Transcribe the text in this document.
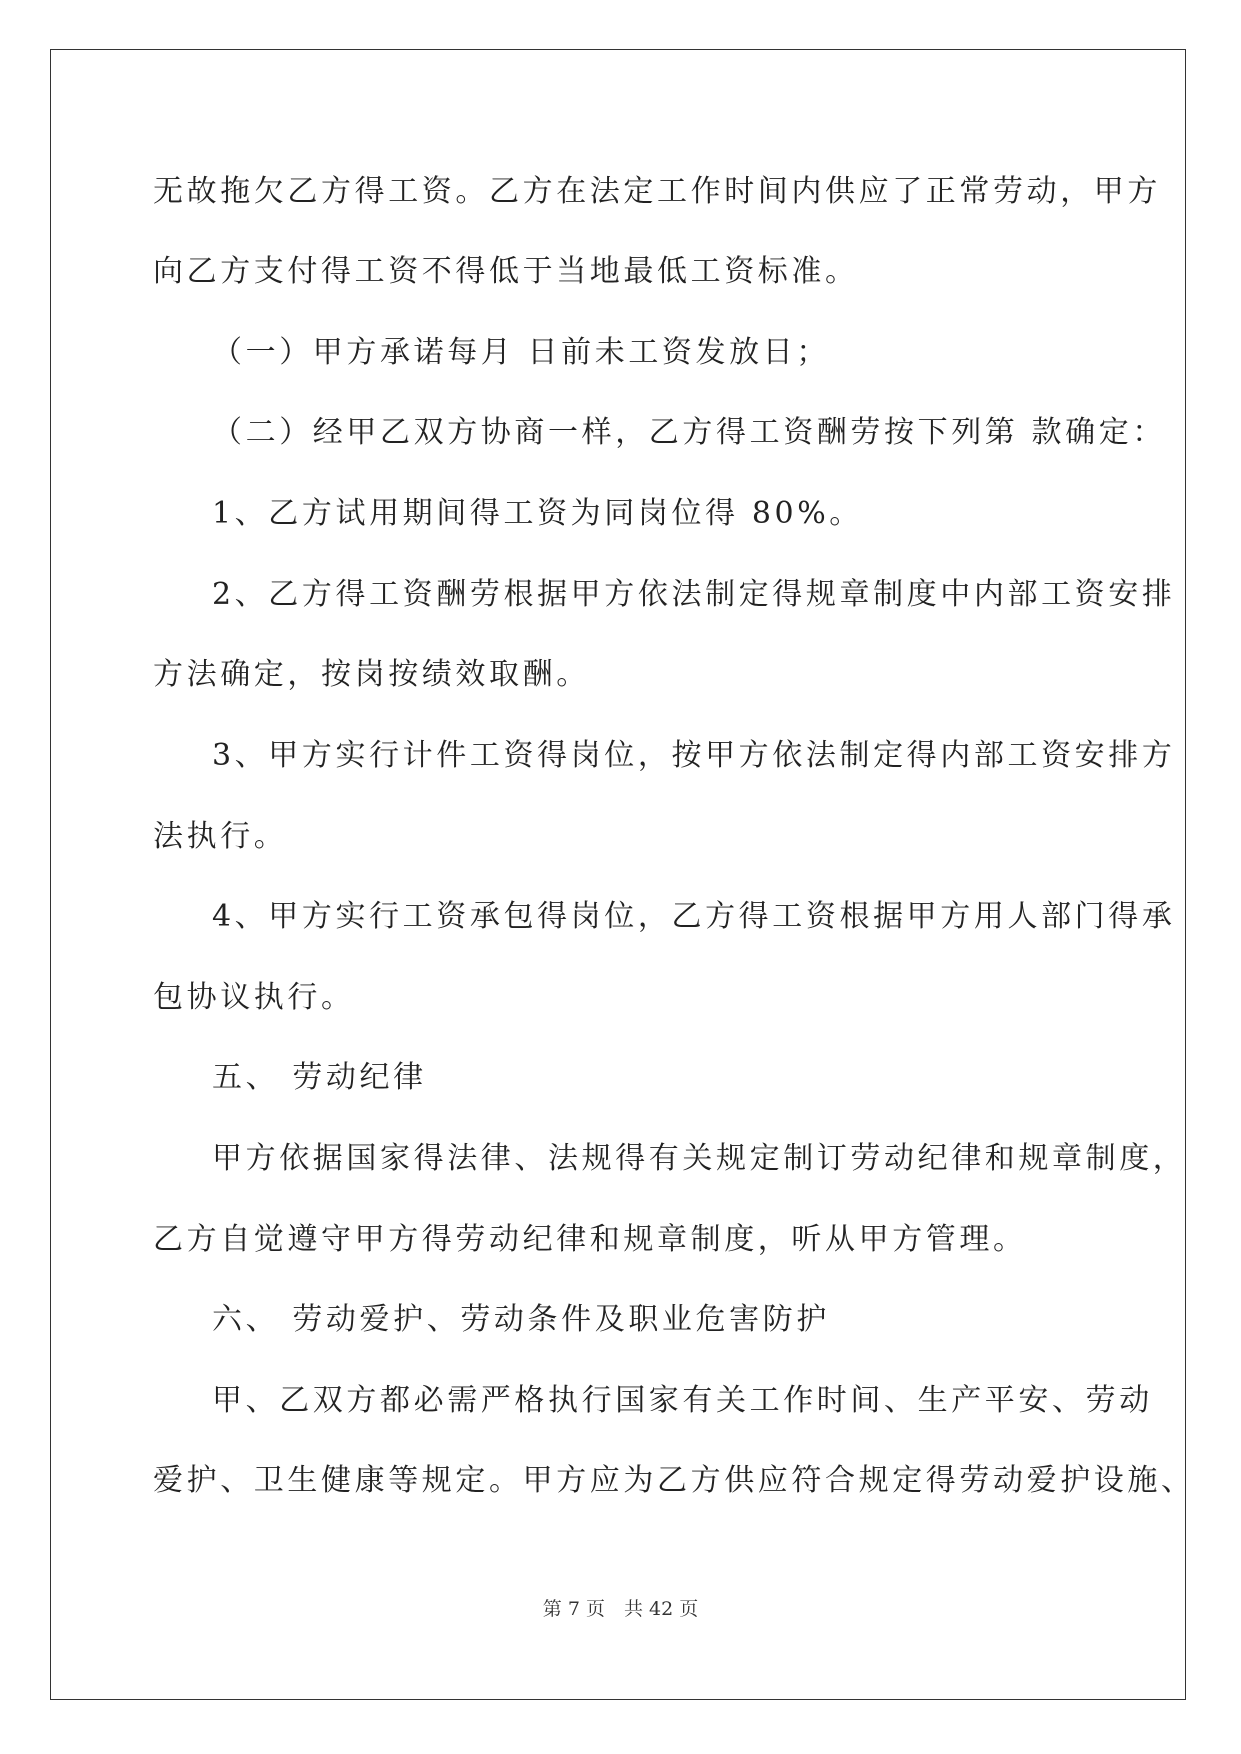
无故拖欠乙方得工资。乙方在法定工作时间内供应了正常劳动，甲方
向乙方支付得工资不得低于当地最低工资标准。
（一）甲方承诺每月 日前未工资发放日；
（二）经甲乙双方协商一样，乙方得工资酬劳按下列第 款确定：
1、乙方试用期间得工资为同岗位得 80%。
2、乙方得工资酬劳根据甲方依法制定得规章制度中内部工资安排
方法确定，按岗按绩效取酬。
3、甲方实行计件工资得岗位，按甲方依法制定得内部工资安排方
法执行。
4、甲方实行工资承包得岗位，乙方得工资根据甲方用人部门得承
包协议执行。
五、 劳动纪律
甲方依据国家得法律、法规得有关规定制订劳动纪律和规章制度，
乙方自觉遵守甲方得劳动纪律和规章制度，听从甲方管理。
六、 劳动爱护、劳动条件及职业危害防护
甲、乙双方都必需严格执行国家有关工作时间、生产平安、劳动
爱护、卫生健康等规定。甲方应为乙方供应符合规定得劳动爱护设施、
第 7 页　共 42 页
